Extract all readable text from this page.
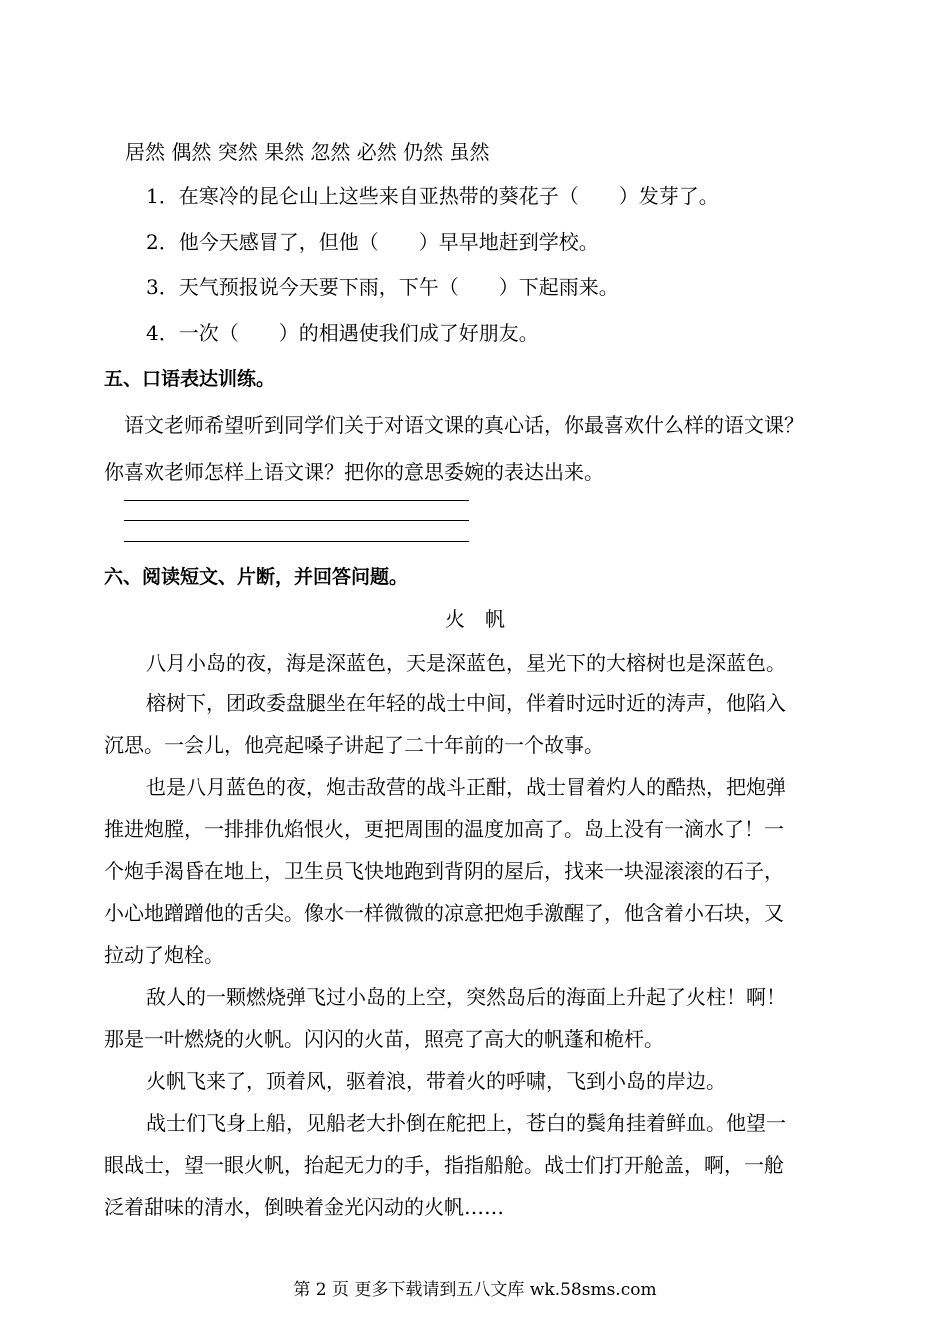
居然 偶然 突然 果然 忽然 必然 仍然 虽然
1．在寒冷的昆仑山上这些来自亚热带的葵花子（　　）发芽了。
2．他今天感冒了，但他（　　）早早地赶到学校。
3．天气预报说今天要下雨，下午（　　）下起雨来。
4．一次（　　）的相遇使我们成了好朋友。
五、口语表达训练。
语文老师希望听到同学们关于对语文课的真心话，你最喜欢什么样的语文课？
你喜欢老师怎样上语文课？把你的意思委婉的表达出来。
六、阅读短文、片断，并回答问题。
火　帆
八月小岛的夜，海是深蓝色，天是深蓝色，星光下的大榕树也是深蓝色。
榕树下，团政委盘腿坐在年轻的战士中间，伴着时远时近的涛声，他陷入
沉思。一会儿，他亮起嗓子讲起了二十年前的一个故事。
也是八月蓝色的夜，炮击敌营的战斗正酣，战士冒着灼人的酷热，把炮弹
推进炮膛，一排排仇焰恨火，更把周围的温度加高了。岛上没有一滴水了！一
个炮手渴昏在地上，卫生员飞快地跑到背阴的屋后，找来一块湿滚滚的石子，
小心地蹭蹭他的舌尖。像水一样微微的凉意把炮手激醒了，他含着小石块，又
拉动了炮栓。
敌人的一颗燃烧弹飞过小岛的上空，突然岛后的海面上升起了火柱！啊！
那是一叶燃烧的火帆。闪闪的火苗，照亮了高大的帆蓬和桅杆。
火帆飞来了，顶着风，驱着浪，带着火的呼啸，飞到小岛的岸边。
战士们飞身上船，见船老大扑倒在舵把上，苍白的鬓角挂着鲜血。他望一
眼战士，望一眼火帆，抬起无力的手，指指船舱。战士们打开舱盖，啊，一舱
泛着甜味的清水，倒映着金光闪动的火帆……
第 2 页 更多下载请到五八文库 wk.58sms.com
